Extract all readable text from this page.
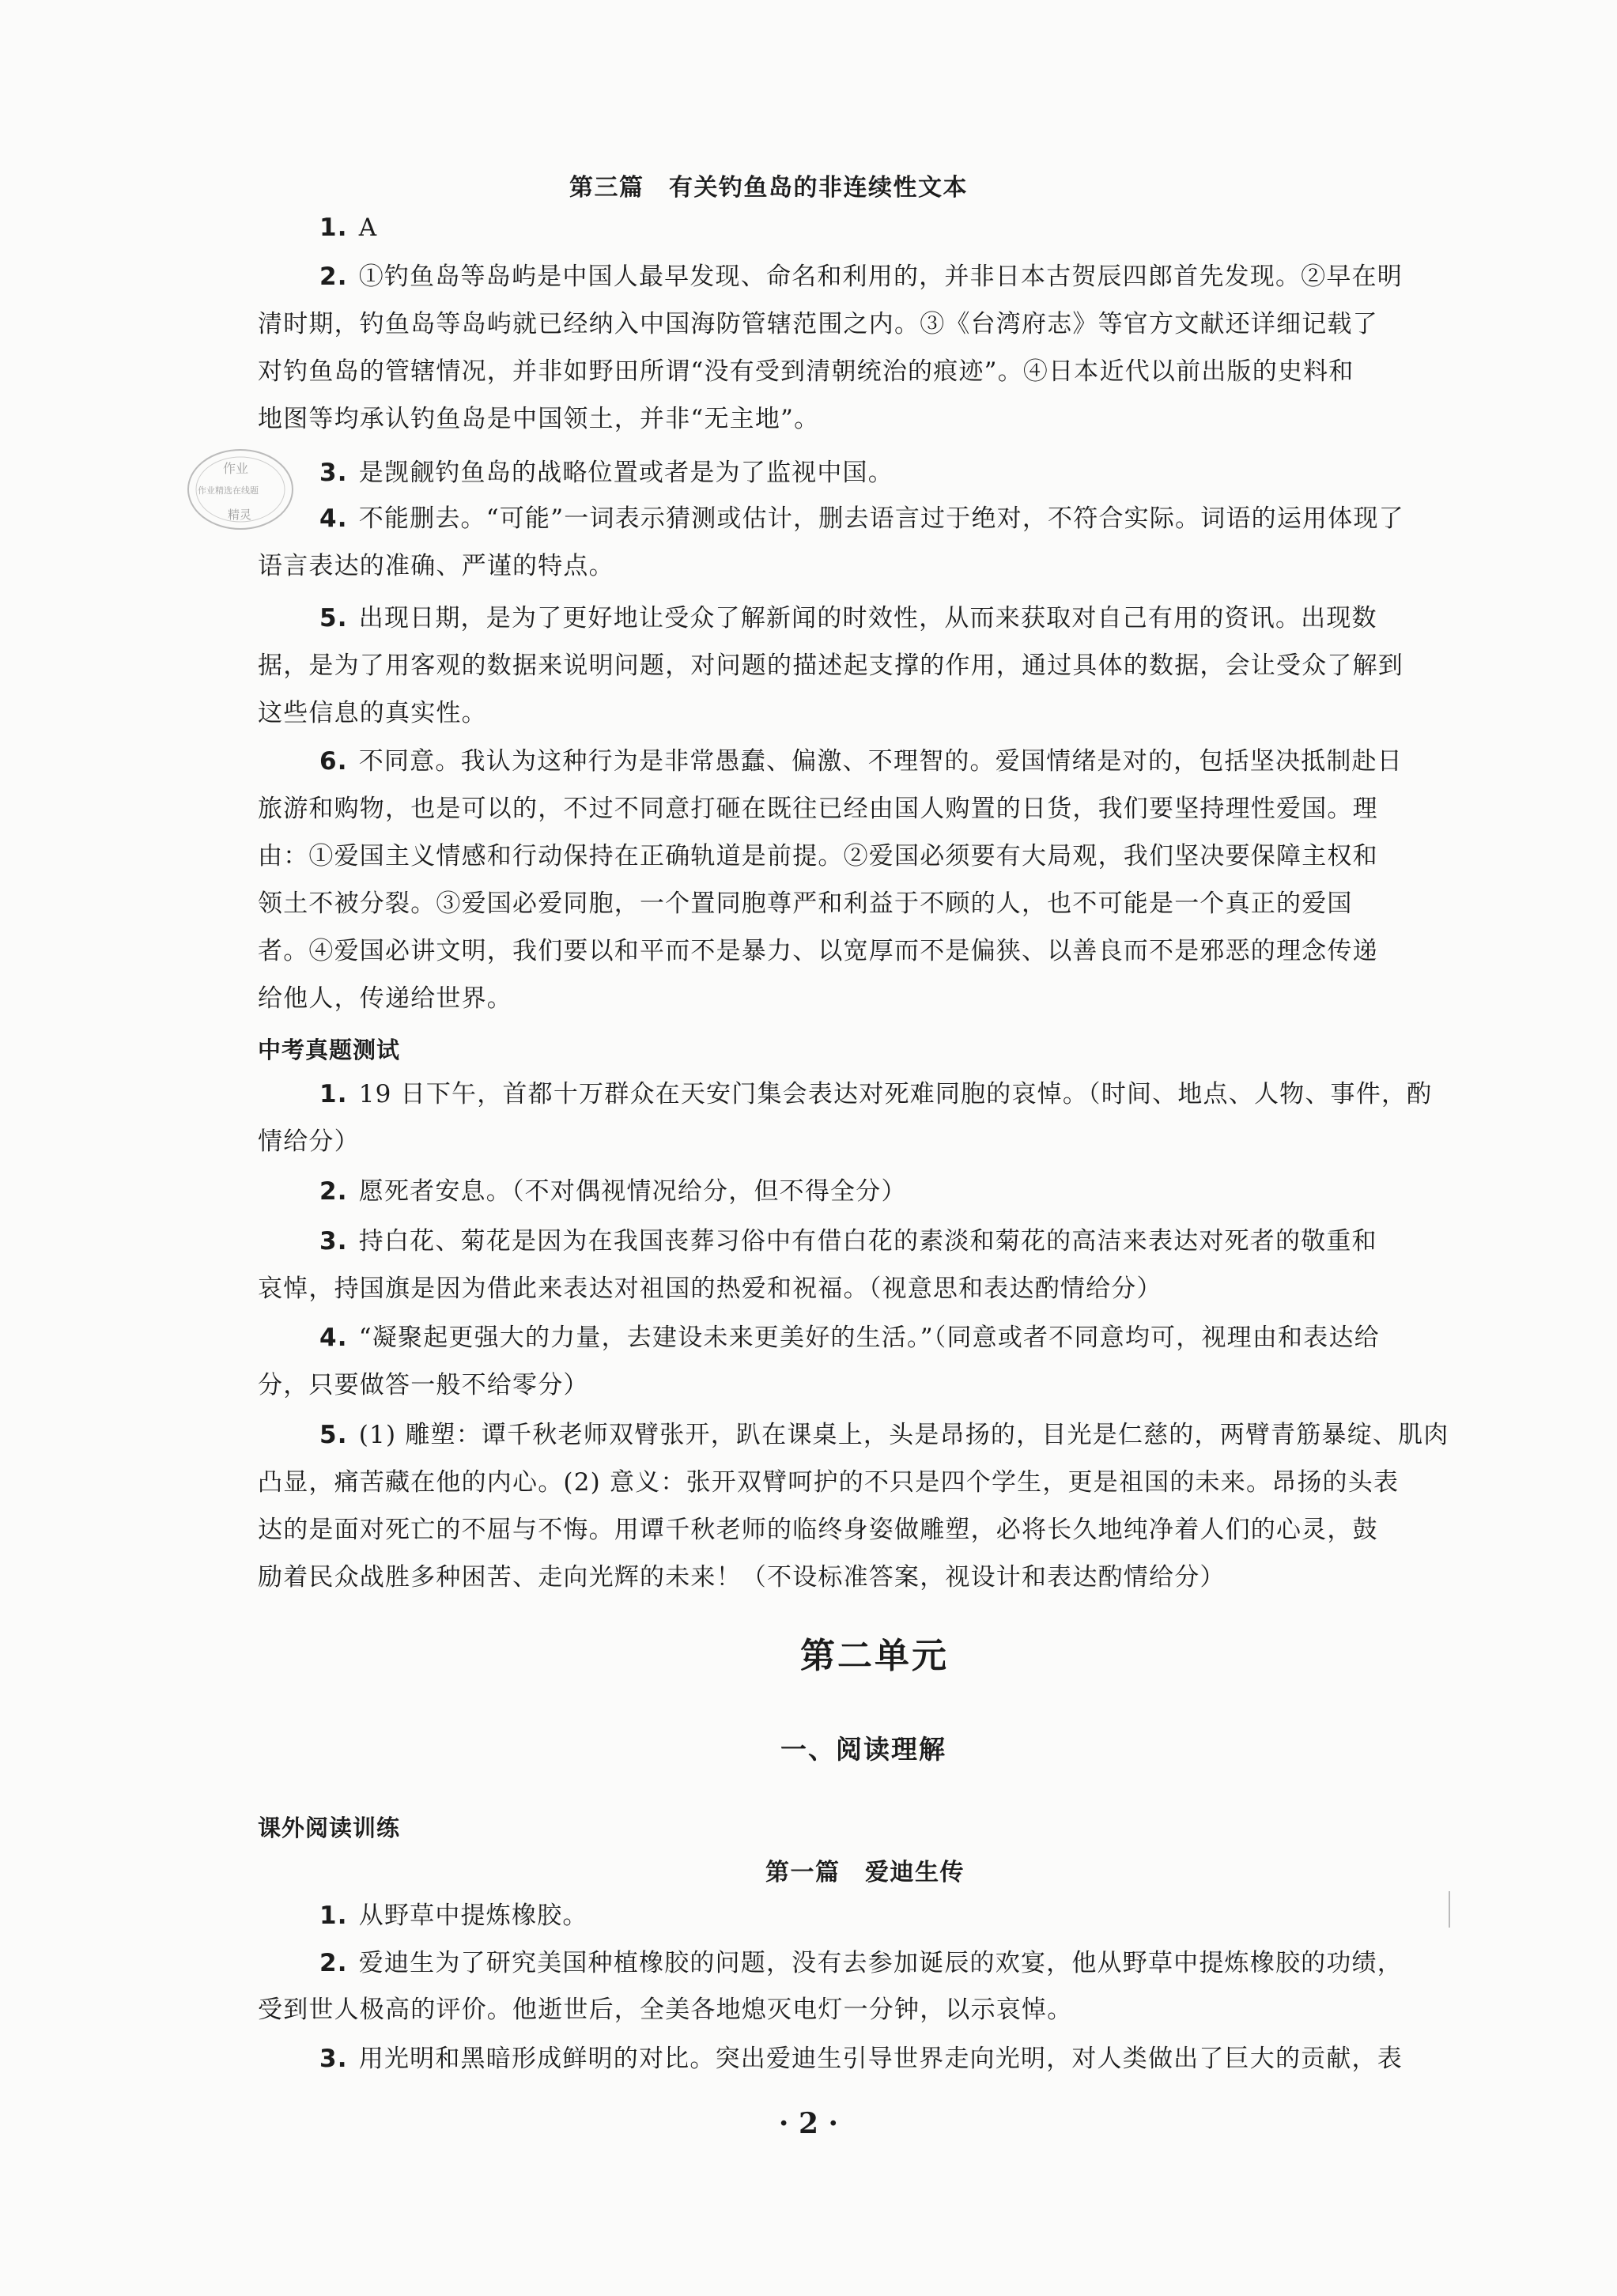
第三篇　有关钓鱼岛的非连续性文本
1. A
2. ①钓鱼岛等岛屿是中国人最早发现、命名和利用的，并非日本古贺辰四郎首先发现。②早在明
清时期，钓鱼岛等岛屿就已经纳入中国海防管辖范围之内。③《台湾府志》等官方文献还详细记载了
对钓鱼岛的管辖情况，并非如野田所谓“没有受到清朝统治的痕迹”。④日本近代以前出版的史料和
地图等均承认钓鱼岛是中国领土，并非“无主地”。
作业
作业精选在线题
精灵
3. 是觊觎钓鱼岛的战略位置或者是为了监视中国。
4. 不能删去。“可能”一词表示猜测或估计，删去语言过于绝对，不符合实际。词语的运用体现了
语言表达的准确、严谨的特点。
5. 出现日期，是为了更好地让受众了解新闻的时效性，从而来获取对自己有用的资讯。出现数
据，是为了用客观的数据来说明问题，对问题的描述起支撑的作用，通过具体的数据，会让受众了解到
这些信息的真实性。
6. 不同意。我认为这种行为是非常愚蠢、偏激、不理智的。爱国情绪是对的，包括坚决抵制赴日
旅游和购物，也是可以的，不过不同意打砸在既往已经由国人购置的日货，我们要坚持理性爱国。理
由：①爱国主义情感和行动保持在正确轨道是前提。②爱国必须要有大局观，我们坚决要保障主权和
领土不被分裂。③爱国必爱同胞，一个置同胞尊严和利益于不顾的人，也不可能是一个真正的爱国
者。④爱国必讲文明，我们要以和平而不是暴力、以宽厚而不是偏狭、以善良而不是邪恶的理念传递
给他人，传递给世界。
中考真题测试
1. 19 日下午，首都十万群众在天安门集会表达对死难同胞的哀悼。（时间、地点、人物、事件，酌
情给分）
2. 愿死者安息。（不对偶视情况给分，但不得全分）
3. 持白花、菊花是因为在我国丧葬习俗中有借白花的素淡和菊花的高洁来表达对死者的敬重和
哀悼，持国旗是因为借此来表达对祖国的热爱和祝福。（视意思和表达酌情给分）
4. “凝聚起更强大的力量，去建设未来更美好的生活。”（同意或者不同意均可，视理由和表达给
分，只要做答一般不给零分）
5. (1) 雕塑：谭千秋老师双臂张开，趴在课桌上，头是昂扬的，目光是仁慈的，两臂青筋暴绽、肌肉
凸显，痛苦藏在他的内心。(2) 意义：张开双臂呵护的不只是四个学生，更是祖国的未来。昂扬的头表
达的是面对死亡的不屈与不悔。用谭千秋老师的临终身姿做雕塑，必将长久地纯净着人们的心灵，鼓
励着民众战胜多种困苦、走向光辉的未来！（不设标准答案，视设计和表达酌情给分）
第二单元
一、阅读理解
课外阅读训练
第一篇　爱迪生传
1. 从野草中提炼橡胶。
2. 爱迪生为了研究美国种植橡胶的问题，没有去参加诞辰的欢宴，他从野草中提炼橡胶的功绩，
受到世人极高的评价。他逝世后，全美各地熄灭电灯一分钟，以示哀悼。
3. 用光明和黑暗形成鲜明的对比。突出爱迪生引导世界走向光明，对人类做出了巨大的贡献，表
· 2 ·
